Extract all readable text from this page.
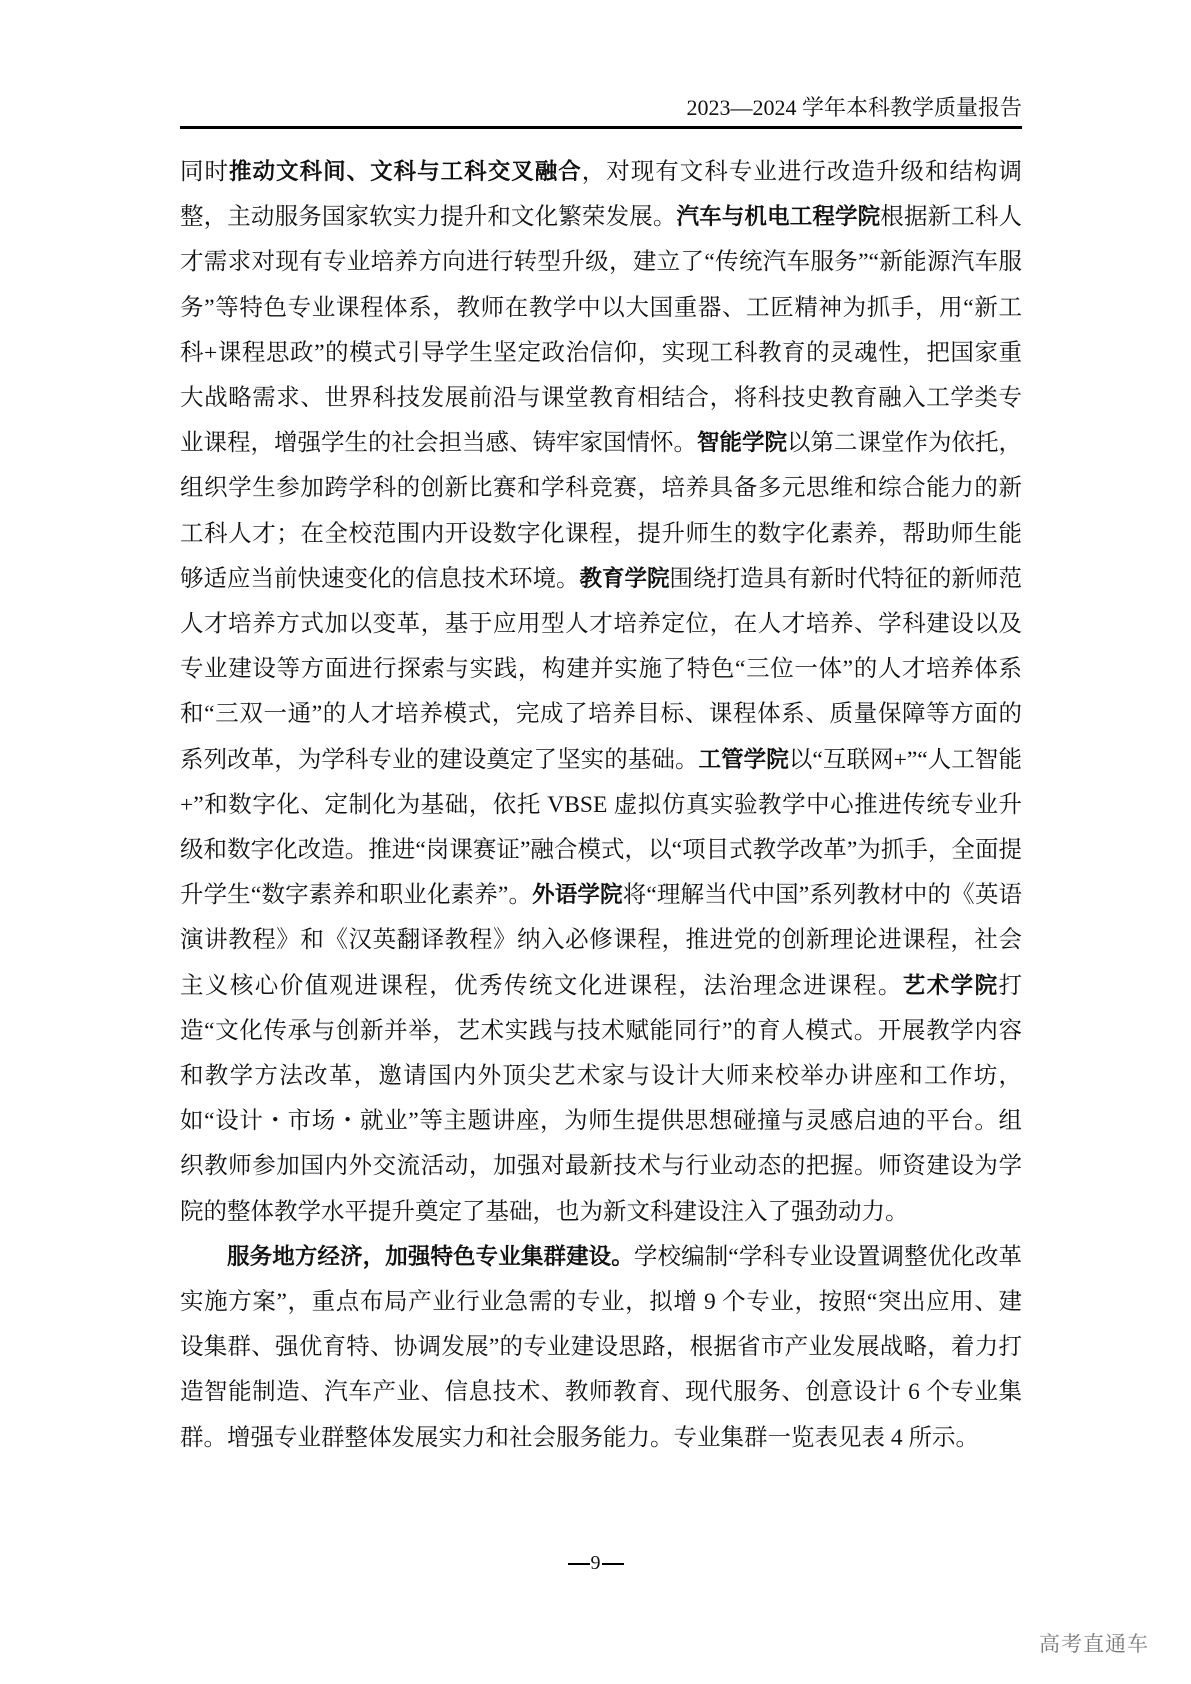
2023—2024 学年本科教学质量报告

同时推动文科间、文科与工科交叉融合，对现有文科专业进行改造升级和结构调整，主动服务国家软实力提升和文化繁荣发展。汽车与机电工程学院根据新工科人才需求对现有专业培养方向进行转型升级，建立了“传统汽车服务”“新能源汽车服务”等特色专业课程体系，教师在教学中以大国重器、工匠精神为抓手，用“新工科+课程思政”的模式引导学生坚定政治信仰，实现工科教育的灵魂性，把国家重大战略需求、世界科技发展前沿与课堂教育相结合，将科技史教育融入工学类专业课程，增强学生的社会担当感、铸牢家国情怀。智能学院以第二课堂作为依托，组织学生参加跨学科的创新比赛和学科竞赛，培养具备多元思维和综合能力的新工科人才；在全校范围内开设数字化课程，提升师生的数字化素养，帮助师生能够适应当前快速变化的信息技术环境。教育学院围绕打造具有新时代特征的新师范人才培养方式加以变革，基于应用型人才培养定位，在人才培养、学科建设以及专业建设等方面进行探索与实践，构建并实施了特色“三位一体”的人才培养体系和“三双一通”的人才培养模式，完成了培养目标、课程体系、质量保障等方面的系列改革，为学科专业的建设奠定了坚实的基础。工管学院以“互联网+”“人工智能+”和数字化、定制化为基础，依托 VBSE 虚拟仿真实验教学中心推进传统专业升级和数字化改造。推进“岗课赛证”融合模式，以“项目式教学改革”为抓手，全面提升学生“数字素养和职业化素养”。外语学院将“理解当代中国”系列教材中的《英语演讲教程》和《汉英翻译教程》纳入必修课程，推进党的创新理论进课程，社会主义核心价值观进课程，优秀传统文化进课程，法治理念进课程。艺术学院打造“文化传承与创新并举，艺术实践与技术赋能同行”的育人模式。开展教学内容和教学方法改革，邀请国内外顶尖艺术家与设计大师来校举办讲座和工作坊，如“设计・市场・就业”等主题讲座，为师生提供思想碰撞与灵感启迪的平台。组织教师参加国内外交流活动，加强对最新技术与行业动态的把握。师资建设为学院的整体教学水平提升奠定了基础，也为新文科建设注入了强劲动力。

服务地方经济，加强特色专业集群建设。学校编制“学科专业设置调整优化改革实施方案”，重点布局产业行业急需的专业，拟增 9 个专业，按照“突出应用、建设集群、强优育特、协调发展”的专业建设思路，根据省市产业发展战略，着力打造智能制造、汽车产业、信息技术、教师教育、现代服务、创意设计 6 个专业集群。增强专业群整体发展实力和社会服务能力。专业集群一览表见表 4 所示。

9
高考直通车
